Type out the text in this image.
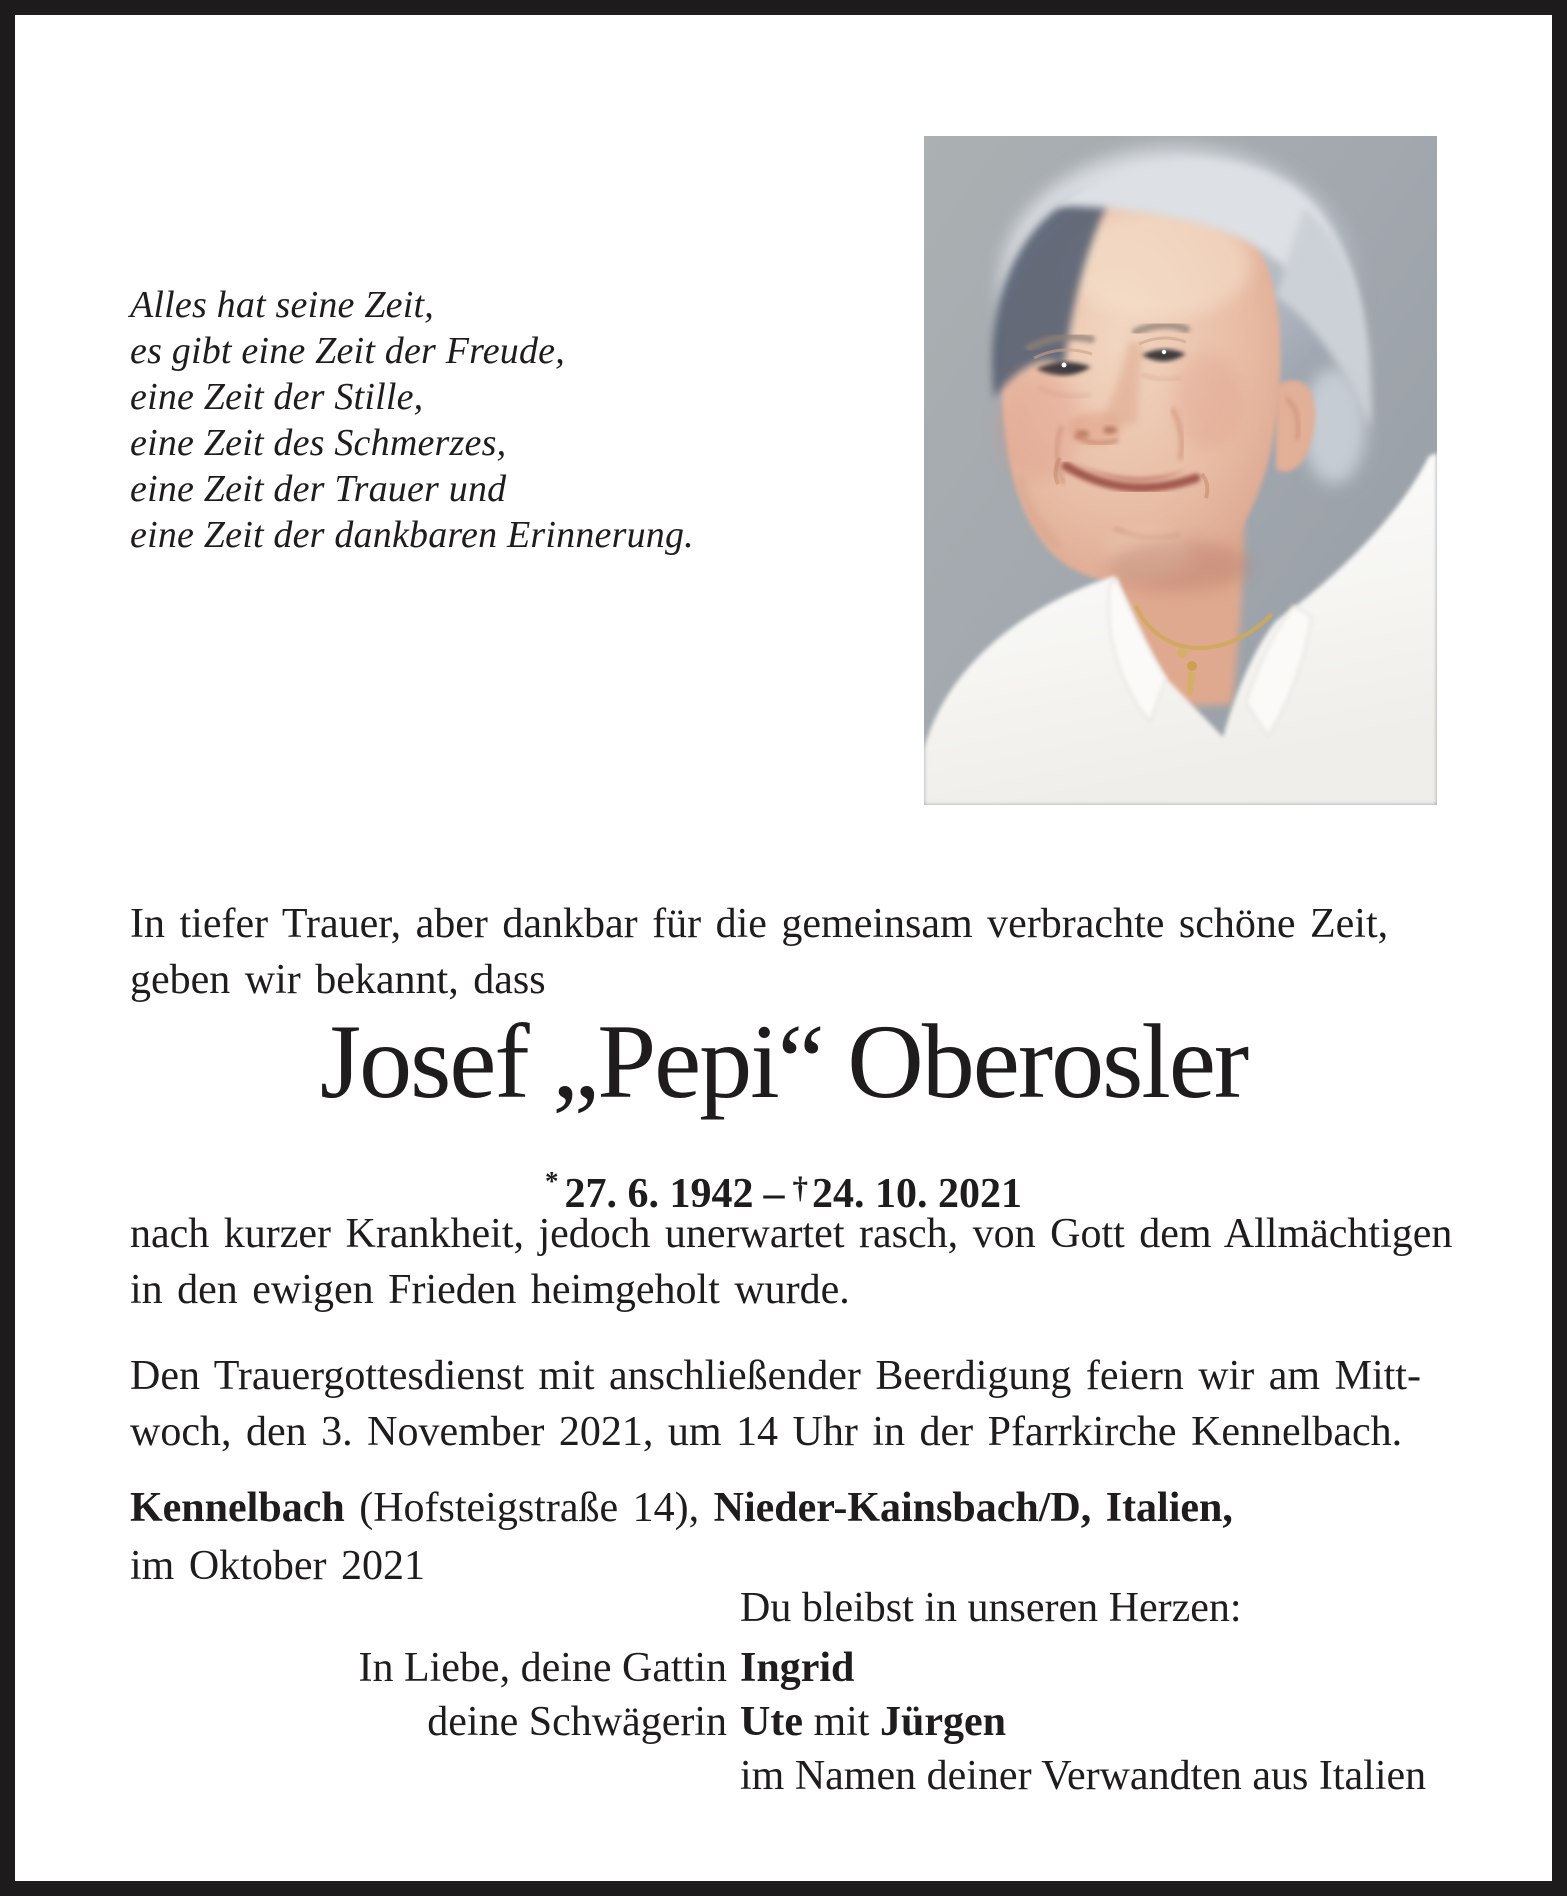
Alles hat seine Zeit,
es gibt eine Zeit der Freude,
eine Zeit der Stille,
eine Zeit des Schmerzes,
eine Zeit der Trauer und
eine Zeit der dankbaren Erinnerung.
In tiefer Trauer, aber dankbar für die gemeinsam verbrachte schöne Zeit,
geben wir bekannt, dass
Josef „Pepi“ Oberosler
* 27. 6. 1942 – †24. 10. 2021
nach kurzer Krankheit, jedoch unerwartet rasch, von Gott dem Allmächtigen
in den ewigen Frieden heimgeholt wurde.
Den Trauergottesdienst mit anschließender Beerdigung feiern wir am Mitt-
woch, den 3. November 2021, um 14 Uhr in der Pfarrkirche Kennelbach.
Kennelbach (Hofsteigstraße 14), Nieder-Kainsbach/D, Italien,
im Oktober 2021
Du bleibst in unseren Herzen:
In Liebe, deine Gattin Ingrid
deine Schwägerin Ute mit Jürgen
im Namen deiner Verwandten aus Italien
